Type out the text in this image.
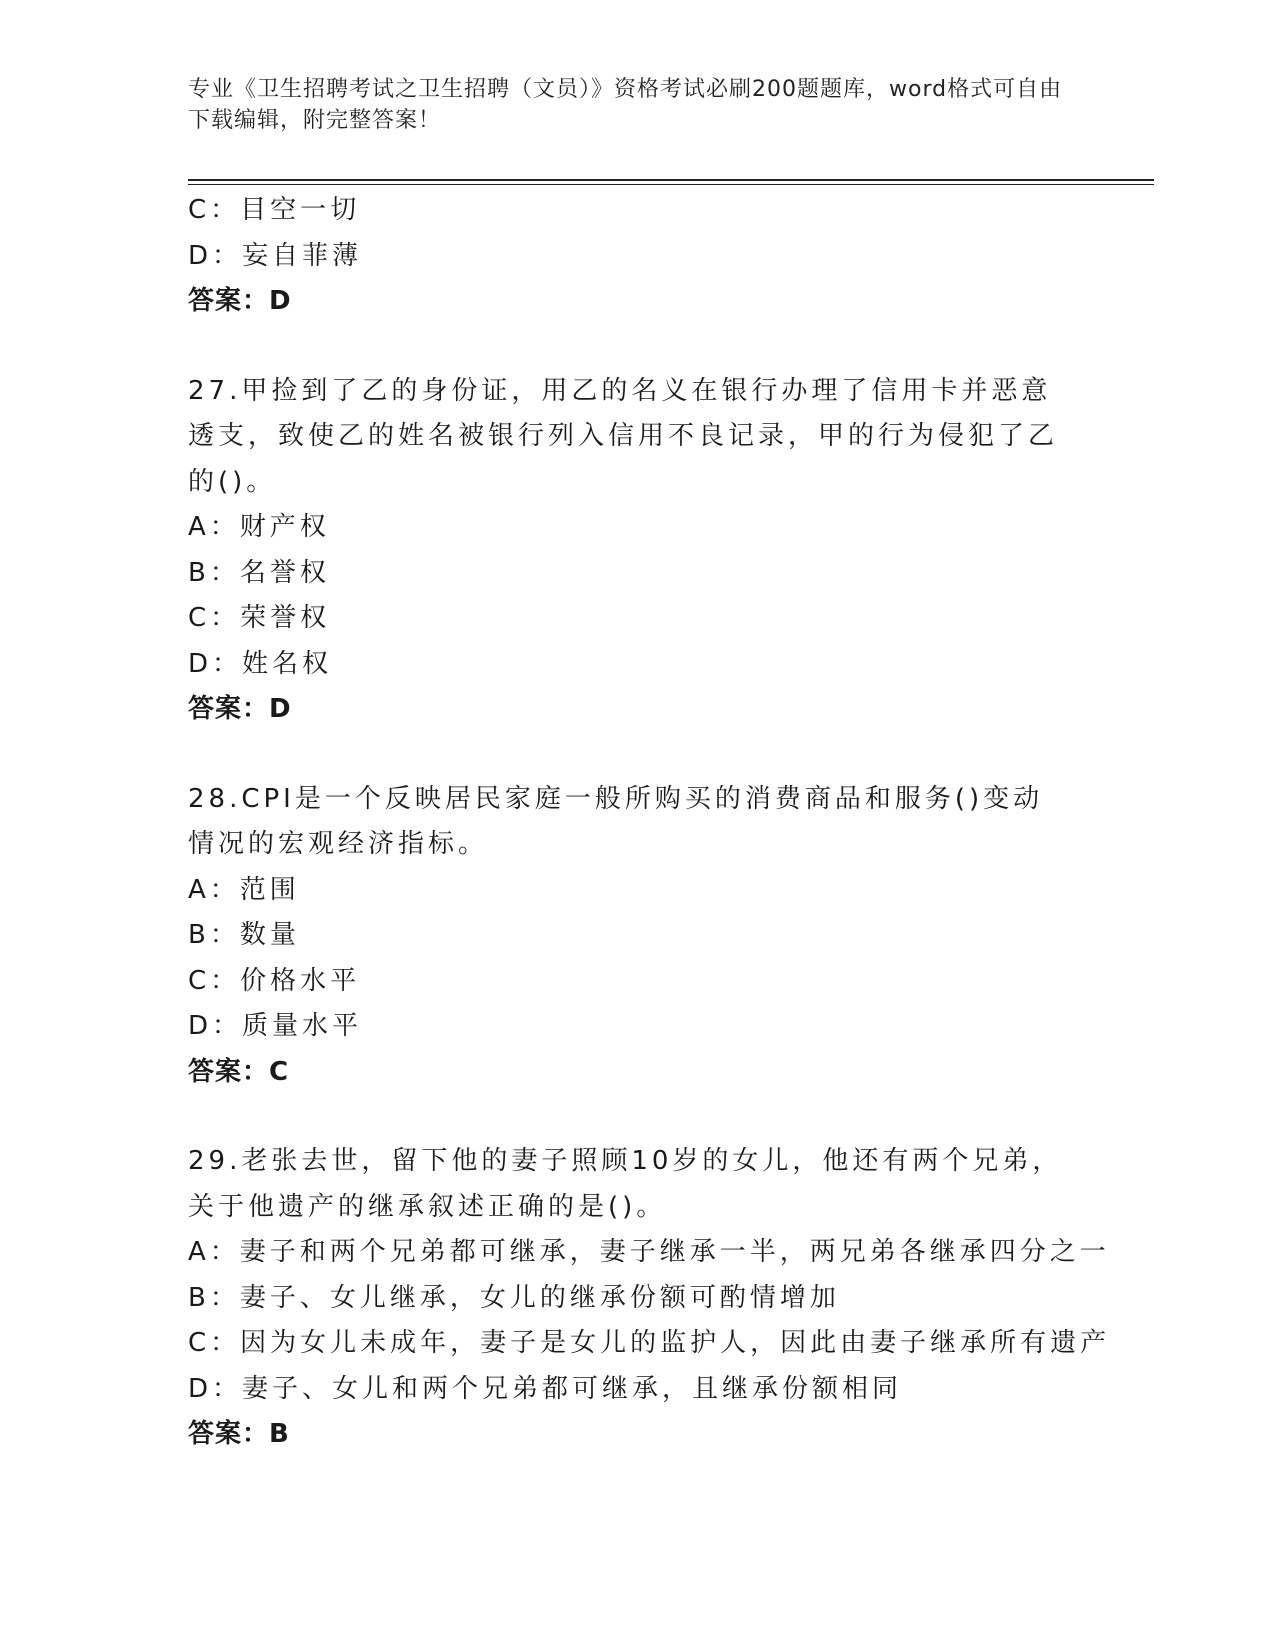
专业《卫生招聘考试之卫生招聘（文员）》资格考试必刷200题题库，word格式可自由下载编辑，附完整答案！
C：目空一切
D：妄自菲薄
答案：D
27.甲捡到了乙的身份证，用乙的名义在银行办理了信用卡并恶意透支，致使乙的姓名被银行列入信用不良记录，甲的行为侵犯了乙的()。
A：财产权
B：名誉权
C：荣誉权
D：姓名权
答案：D
28.CPI是一个反映居民家庭一般所购买的消费商品和服务()变动情况的宏观经济指标。
A：范围
B：数量
C：价格水平
D：质量水平
答案：C
29.老张去世，留下他的妻子照顾10岁的女儿，他还有两个兄弟，关于他遗产的继承叙述正确的是()。
A：妻子和两个兄弟都可继承，妻子继承一半，两兄弟各继承四分之一
B：妻子、女儿继承，女儿的继承份额可酌情增加
C：因为女儿未成年，妻子是女儿的监护人，因此由妻子继承所有遗产
D：妻子、女儿和两个兄弟都可继承，且继承份额相同
答案：B
